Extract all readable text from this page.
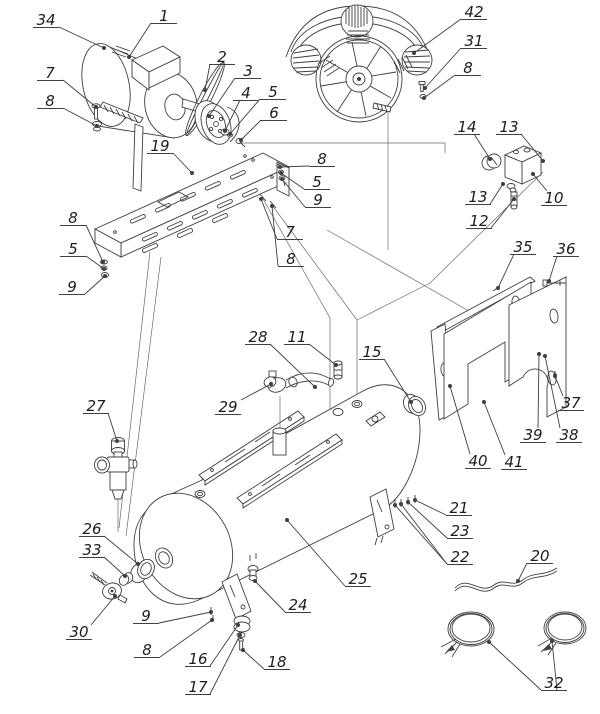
34	1
7
8
2
3
4 5
6
19
42
31
8
14 13
10
13
12
35 36
37
39 38
40 41
28 11
29
15
27
26
33
30
9
8 16
17
18
24
21
23
22
25
20
32
8
5
9
7
8
8
5
9
